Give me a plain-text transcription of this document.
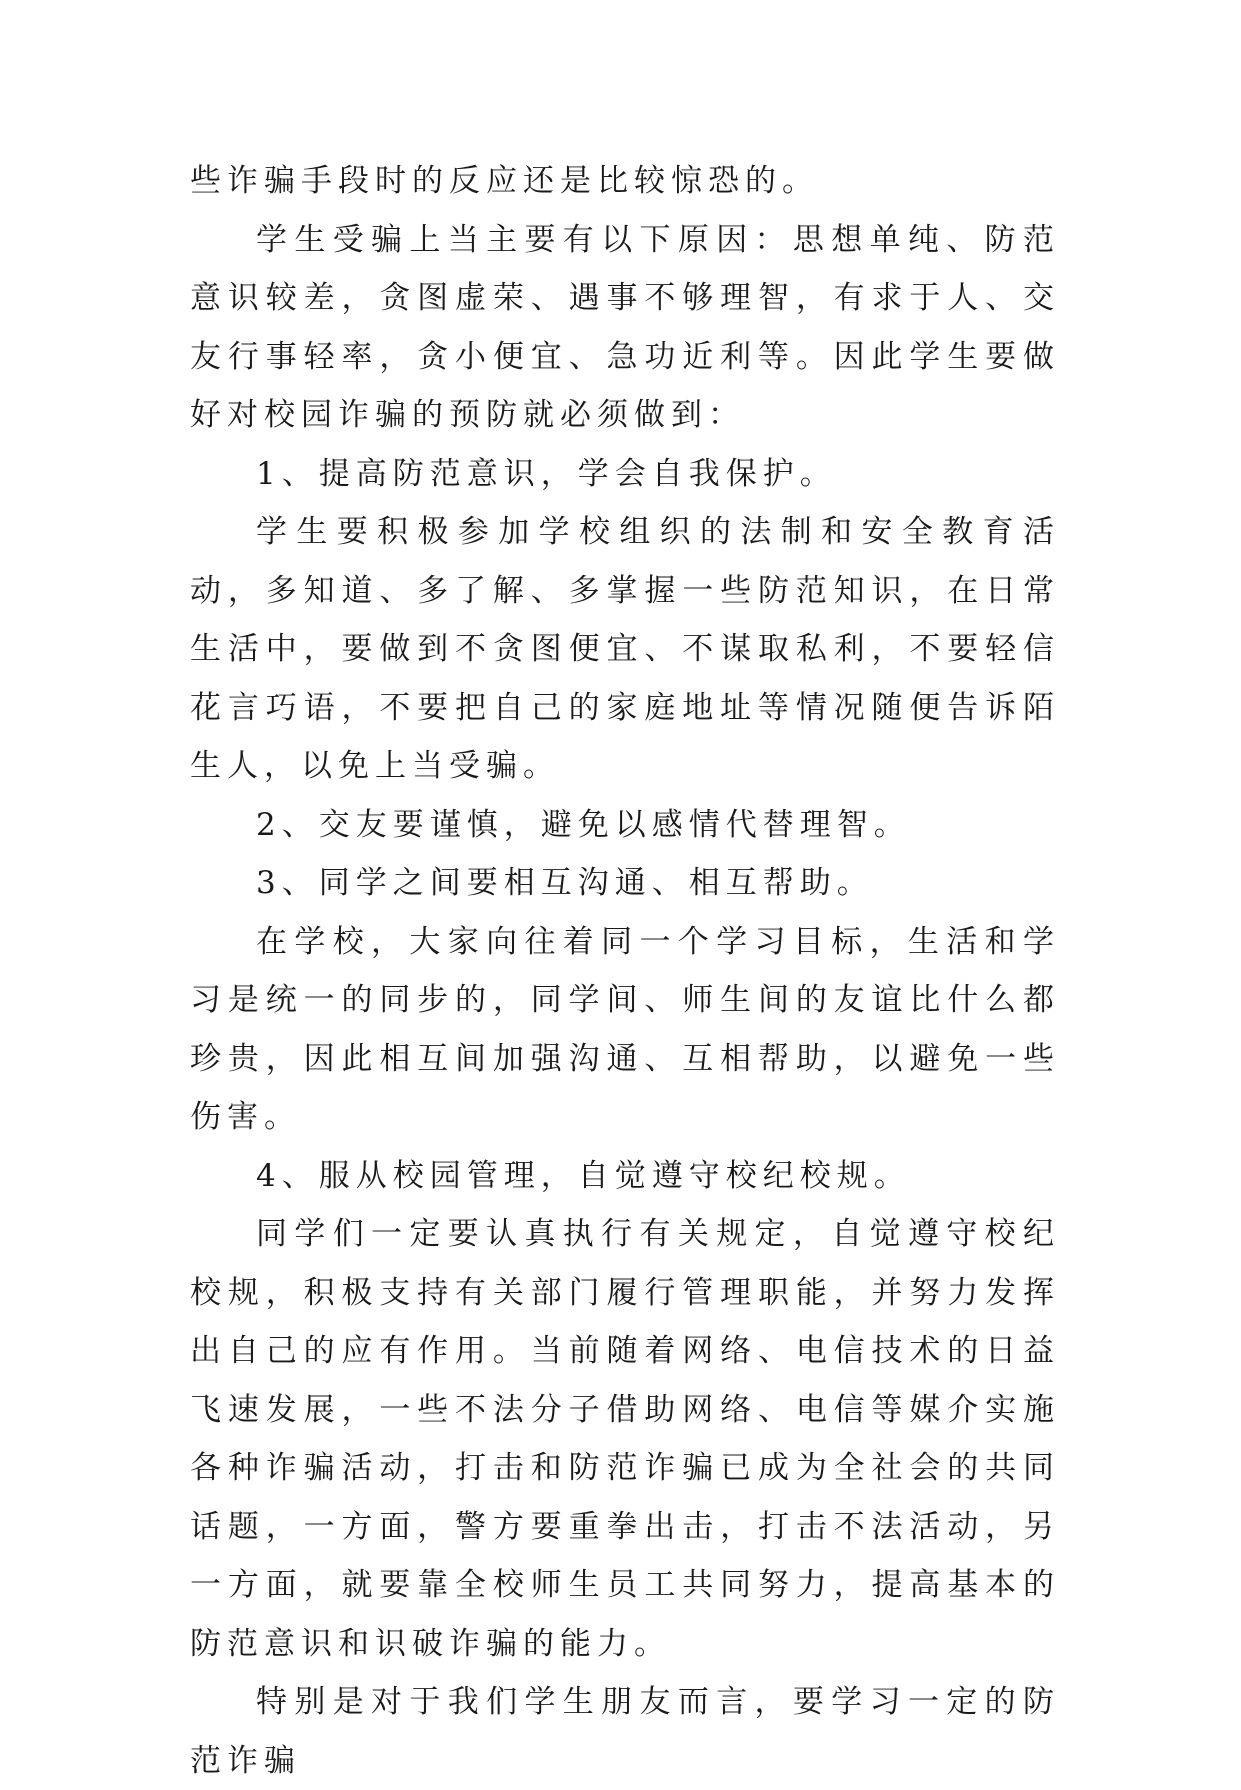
些诈骗手段时的反应还是比较惊恐的。

学生受骗上当主要有以下原因：思想单纯、防范意识较差，贪图虚荣、遇事不够理智，有求于人、交友行事轻率，贪小便宜、急功近利等。因此学生要做好对校园诈骗的预防就必须做到：

1、提高防范意识，学会自我保护。

学生要积极参加学校组织的法制和安全教育活动，多知道、多了解、多掌握一些防范知识，在日常生活中，要做到不贪图便宜、不谋取私利，不要轻信花言巧语，不要把自己的家庭地址等情况随便告诉陌生人，以免上当受骗。

2、交友要谨慎，避免以感情代替理智。

3、同学之间要相互沟通、相互帮助。

在学校，大家向往着同一个学习目标，生活和学习是统一的同步的，同学间、师生间的友谊比什么都珍贵，因此相互间加强沟通、互相帮助，以避免一些伤害。

4、服从校园管理，自觉遵守校纪校规。

同学们一定要认真执行有关规定，自觉遵守校纪校规，积极支持有关部门履行管理职能，并努力发挥出自己的应有作用。当前随着网络、电信技术的日益飞速发展，一些不法分子借助网络、电信等媒介实施各种诈骗活动，打击和防范诈骗已成为全社会的共同话题，一方面，警方要重拳出击，打击不法活动，另一方面，就要靠全校师生员工共同努力，提高基本的防范意识和识破诈骗的能力。

特别是对于我们学生朋友而言，要学习一定的防范诈骗
